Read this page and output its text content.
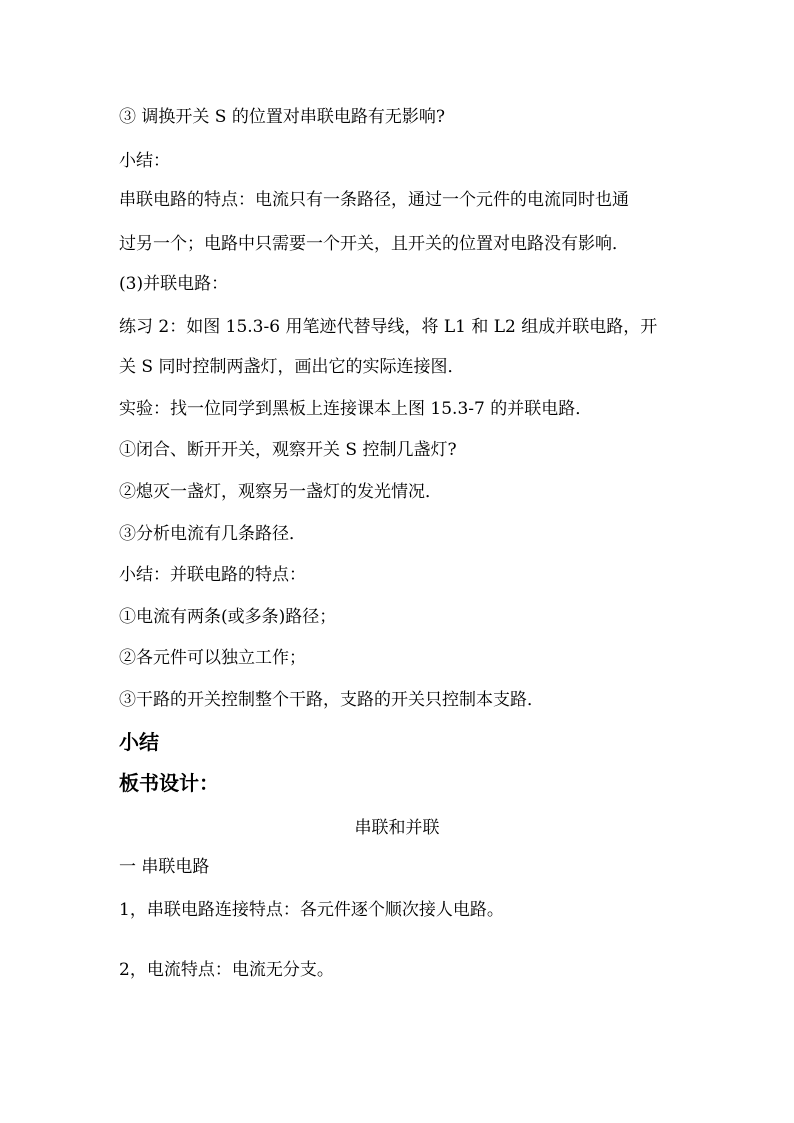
③ 调换开关 S 的位置对串联电路有无影响?
小结：
串联电路的特点：电流只有一条路径，通过一个元件的电流同时也通
过另一个；电路中只需要一个开关，且开关的位置对电路没有影响．
(3)并联电路：
练习 2：如图 15.3-6 用笔迹代替导线，将 L1 和 L2 组成并联电路，开
关 S 同时控制两盏灯，画出它的实际连接图．
实验：找一位同学到黑板上连接课本上图 15.3-7 的并联电路．
①闭合、断开开关，观察开关 S 控制几盏灯?
②熄灭一盏灯，观察另一盏灯的发光情况．
③分析电流有几条路径．
小结：并联电路的特点：
①电流有两条(或多条)路径；
②各元件可以独立工作；
③干路的开关控制整个干路，支路的开关只控制本支路．
小结
板书设计：
串联和并联
一 串联电路
1，串联电路连接特点：各元件逐个顺次接人电路。
2，电流特点：电流无分支。
